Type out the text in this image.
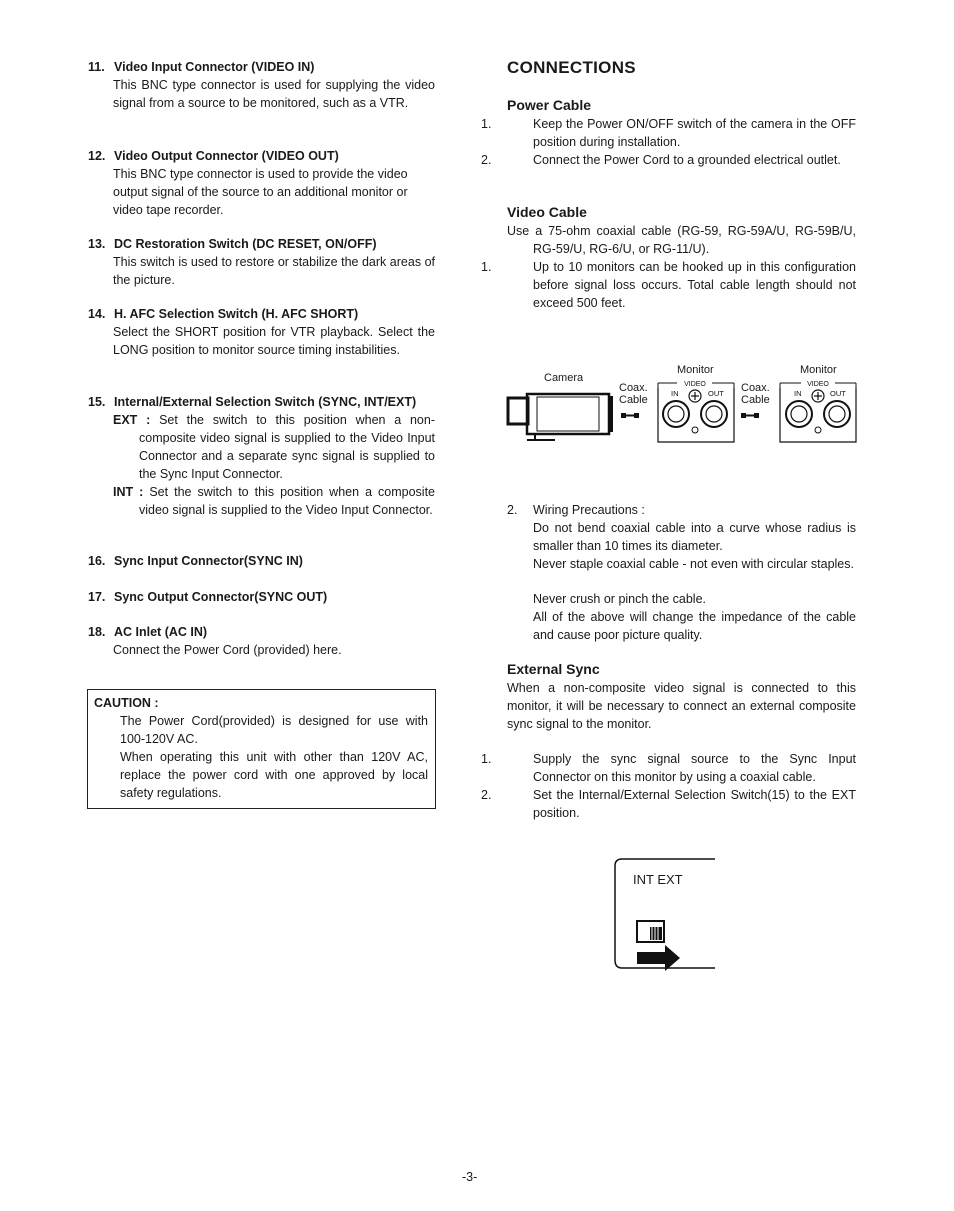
11. Video Input Connector (VIDEO IN)
This BNC type connector is used for supplying the video signal from a source to be monitored, such as a VTR.
12. Video Output Connector (VIDEO OUT)
This BNC type connector is used to provide the video output signal of the source to an additional monitor or video tape recorder.
13. DC Restoration Switch (DC RESET, ON/OFF)
This switch is used to restore or stabilize the dark areas of the picture.
14. H. AFC Selection Switch (H. AFC SHORT)
Select the SHORT position for VTR playback. Select the LONG position to monitor source timing instabilities.
15. Internal/External Selection Switch (SYNC, INT/EXT)
EXT : Set the switch to this position when a non-composite video signal is supplied to the Video Input Connector and a separate sync signal is supplied to the Sync Input Connector.
INT : Set the switch to this position when a composite video signal is supplied to the Video Input Connector.
16. Sync Input Connector(SYNC IN)
17. Sync Output Connector(SYNC OUT)
18. AC Inlet (AC IN)
Connect the Power Cord (provided) here.
CAUTION :
The Power Cord(provided) is designed for use with 100-120V AC.
When operating this unit with other than 120V AC, replace the power cord with one approved by local safety regulations.
CONNECTIONS
Power Cable
1.	Keep the Power ON/OFF switch of the camera in the OFF position during installation.
2.	Connect the Power Cord to a grounded electrical outlet.
Video Cable
Use a 75-ohm coaxial cable (RG-59, RG-59A/U, RG-59B/U, RG-59/U, RG-6/U, or RG-11/U).
1.	Up to 10 monitors can be hooked up in this configuration before signal loss occurs. Total cable length should not exceed 500 feet.
Camera
Coax.
Cable
Monitor
Coax.
Cable
Monitor
VIDEO
IN	OUT
VIDEO
IN	OUT
2. Wiring Precautions :
Do not bend coaxial cable into a curve whose radius is smaller than 10 times its diameter.
Never staple coaxial cable - not even with circular staples.
Never crush or pinch the cable.
All of the above will change the impedance of the cable and cause poor picture quality.
External Sync
When a non-composite video signal is connected to this monitor, it will be necessary to connect an external composite sync signal to the monitor.
1.	Supply the sync signal source to the Sync Input Connector on this monitor by using a coaxial cable.
2.	Set the Internal/External Selection Switch(15) to the EXT position.
INT EXT
-3-
